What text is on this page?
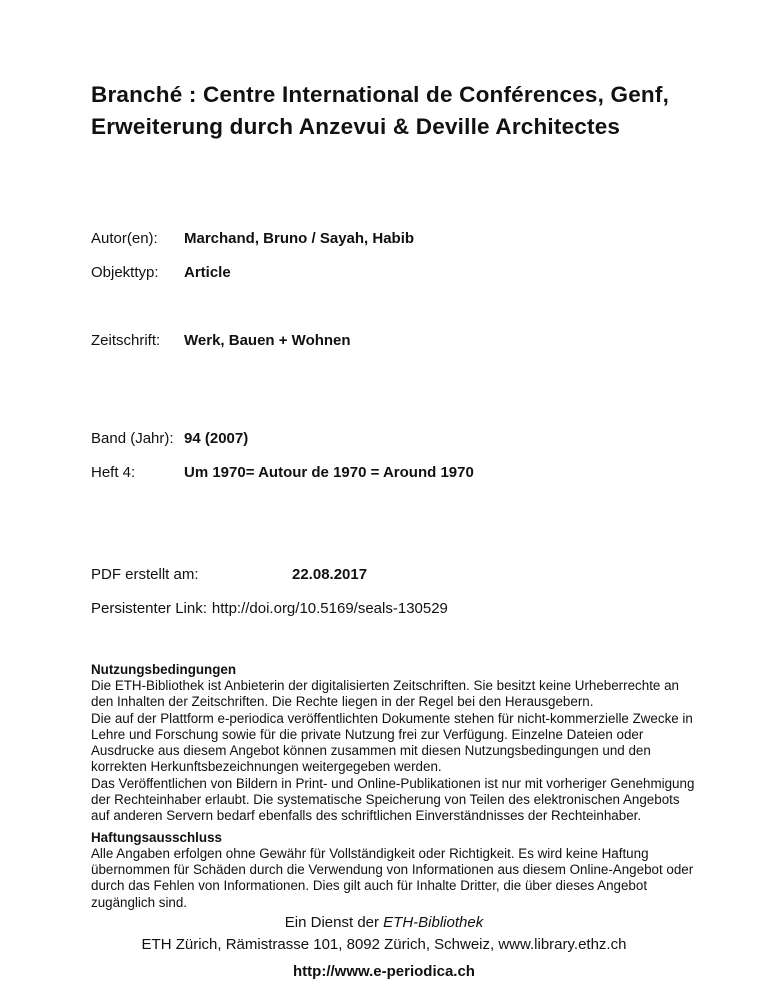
Branché : Centre International de Conférences, Genf, Erweiterung durch Anzevui & Deville Architectes
Autor(en):	Marchand, Bruno / Sayah, Habib
Objekttyp:	Article
Zeitschrift:	Werk, Bauen + Wohnen
Band (Jahr): 94 (2007)
Heft 4:	Um 1970= Autour de 1970 = Around 1970
PDF erstellt am:	22.08.2017
Persistenter Link: http://doi.org/10.5169/seals-130529
Nutzungsbedingungen

Die ETH-Bibliothek ist Anbieterin der digitalisierten Zeitschriften. Sie besitzt keine Urheberrechte an den Inhalten der Zeitschriften. Die Rechte liegen in der Regel bei den Herausgebern.

Die auf der Plattform e-periodica veröffentlichten Dokumente stehen für nicht-kommerzielle Zwecke in Lehre und Forschung sowie für die private Nutzung frei zur Verfügung. Einzelne Dateien oder Ausdrucke aus diesem Angebot können zusammen mit diesen Nutzungsbedingungen und den korrekten Herkunftsbezeichnungen weitergegeben werden.

Das Veröffentlichen von Bildern in Print- und Online-Publikationen ist nur mit vorheriger Genehmigung der Rechteinhaber erlaubt. Die systematische Speicherung von Teilen des elektronischen Angebots auf anderen Servern bedarf ebenfalls des schriftlichen Einverständnisses der Rechteinhaber.

Haftungsausschluss

Alle Angaben erfolgen ohne Gewähr für Vollständigkeit oder Richtigkeit. Es wird keine Haftung übernommen für Schäden durch die Verwendung von Informationen aus diesem Online-Angebot oder durch das Fehlen von Informationen. Dies gilt auch für Inhalte Dritter, die über dieses Angebot zugänglich sind.

Ein Dienst der ETH-Bibliothek
ETH Zürich, Rämistrasse 101, 8092 Zürich, Schweiz, www.library.ethz.ch
http://www.e-periodica.ch
